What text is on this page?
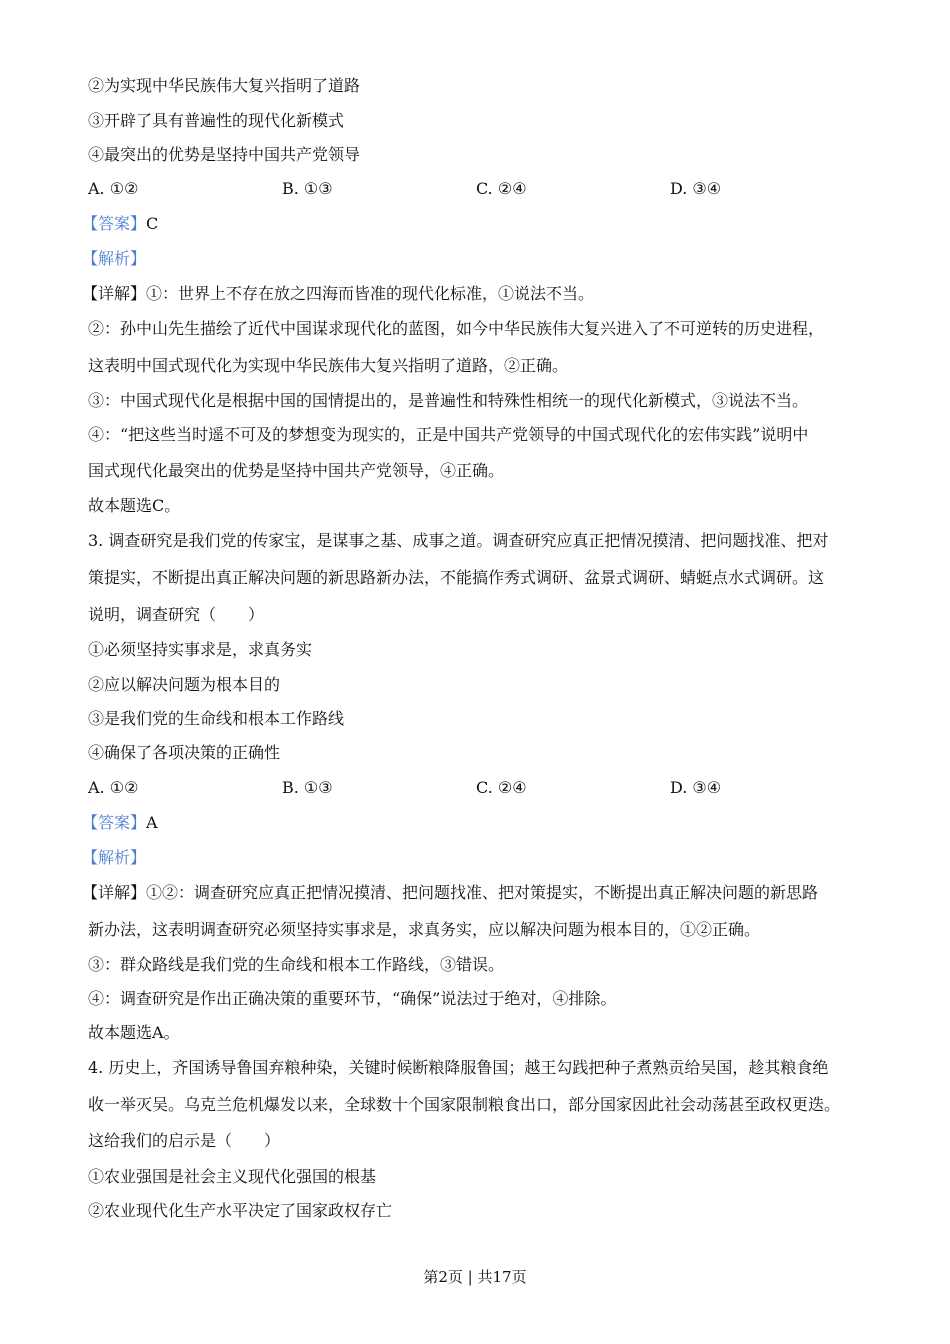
②为实现中华民族伟大复兴指明了道路
③开辟了具有普遍性的现代化新模式
④最突出的优势是坚持中国共产党领导
A. ①②	B. ①③	C. ②④	D. ③④
【答案】C
【解析】
【详解】①：世界上不存在放之四海而皆准的现代化标准，①说法不当。
②：孙中山先生描绘了近代中国谋求现代化的蓝图，如今中华民族伟大复兴进入了不可逆转的历史进程，
这表明中国式现代化为实现中华民族伟大复兴指明了道路，②正确。
③：中国式现代化是根据中国的国情提出的，是普遍性和特殊性相统一的现代化新模式，③说法不当。
④：“把这些当时遥不可及的梦想变为现实的，正是中国共产党领导的中国式现代化的宏伟实践”说明中
国式现代化最突出的优势是坚持中国共产党领导，④正确。
故本题选C。
3. 调查研究是我们党的传家宝，是谋事之基、成事之道。调查研究应真正把情况摸清、把问题找准、把对
策提实，不断提出真正解决问题的新思路新办法，不能搞作秀式调研、盆景式调研、蜻蜓点水式调研。这
说明，调查研究（　　）
①必须坚持实事求是，求真务实
②应以解决问题为根本目的
③是我们党的生命线和根本工作路线
④确保了各项决策的正确性
A. ①②	B. ①③	C. ②④	D. ③④
【答案】A
【解析】
【详解】①②：调查研究应真正把情况摸清、把问题找准、把对策提实，不断提出真正解决问题的新思路
新办法，这表明调查研究必须坚持实事求是，求真务实，应以解决问题为根本目的，①②正确。
③：群众路线是我们党的生命线和根本工作路线，③错误。
④：调查研究是作出正确决策的重要环节，“确保”说法过于绝对，④排除。
故本题选A。
4. 历史上，齐国诱导鲁国弃粮种染，关键时候断粮降服鲁国；越王勾践把种子煮熟贡给吴国，趁其粮食绝
收一举灭吴。乌克兰危机爆发以来，全球数十个国家限制粮食出口，部分国家因此社会动荡甚至政权更迭。
这给我们的启示是（　　）
①农业强国是社会主义现代化强国的根基
②农业现代化生产水平决定了国家政权存亡
第2页 | 共17页
